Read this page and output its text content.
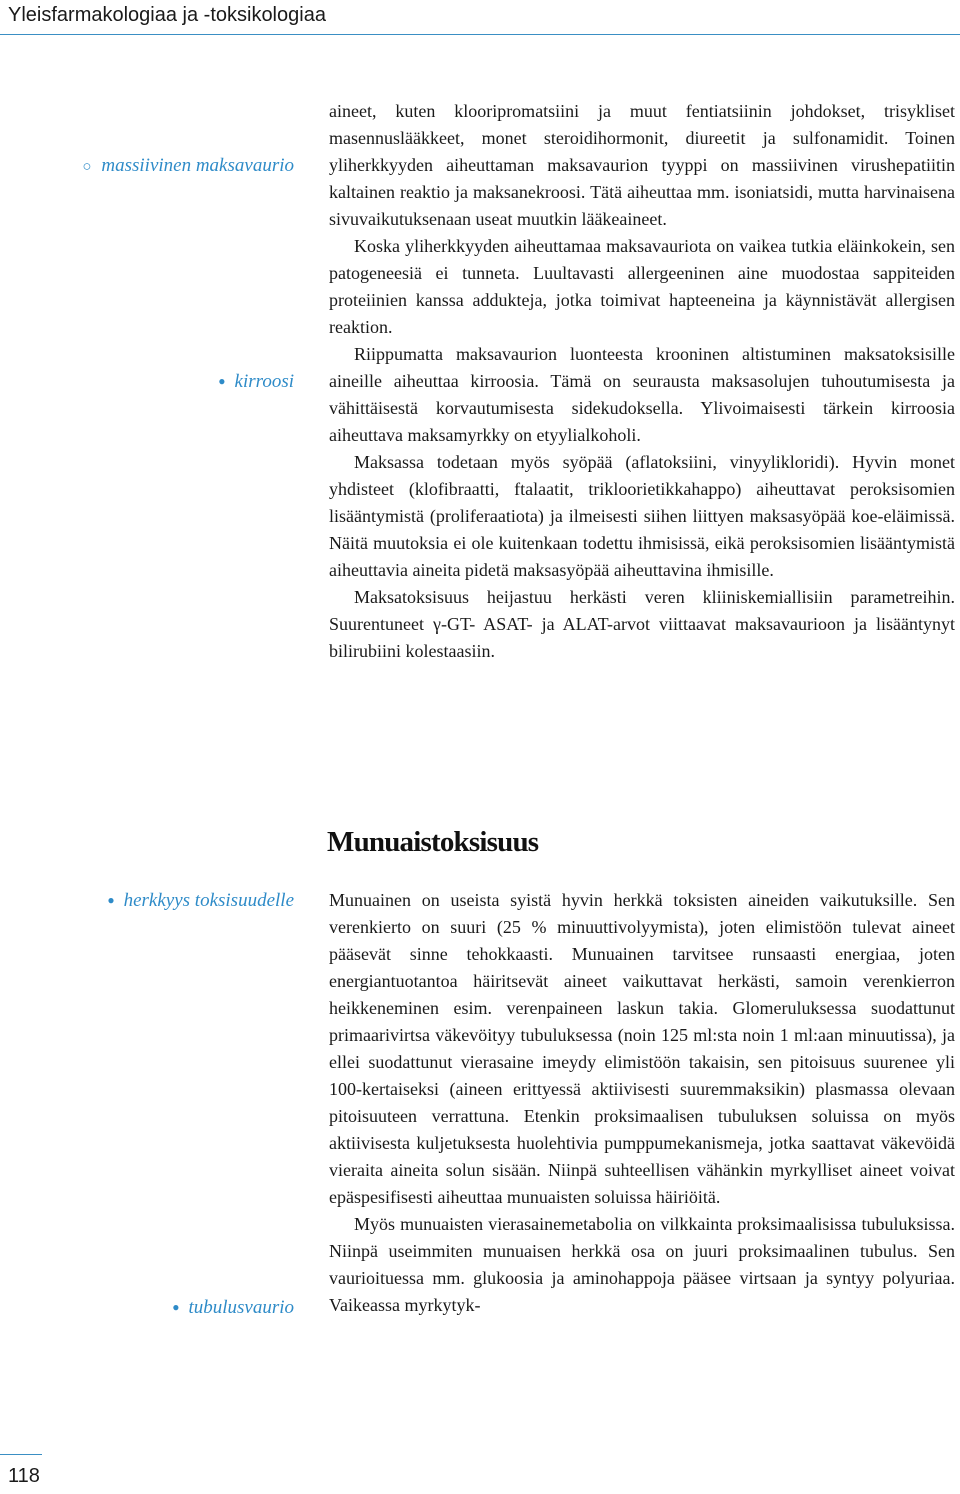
Yleisfarmakologiaa ja -toksikologiaa
○ massiivinen maksavaurio
● kirroosi
● herkkyys toksisuudelle
● tubulusvaurio

aineet, kuten klooripromatsiini ja muut fentiatsiinin johdokset, trisykliset masennuslääkkeet, monet steroidihormonit, diureetit ja sulfonamidit. Toinen yliherkkyyden aiheuttaman maksavaurion tyyppi on massiivinen virushepatiitin kaltainen reaktio ja maksanekroosi. Tätä aiheuttaa mm. isoniatsidi, mutta harvinaisena sivuvaikutuksenaan useat muutkin lääkeaineet.

Koska yliherkkyyden aiheuttamaa maksavauriota on vaikea tutkia eläinkokein, sen patogeneesiä ei tunneta. Luultavasti allergeeninen aine muodostaa sappiteiden proteiinien kanssa addukteja, jotka toimivat hapteeneina ja käynnistävät allergisen reaktion.

Riippumatta maksavaurion luonteesta krooninen altistuminen maksatoksisille aineille aiheuttaa kirroosia. Tämä on seurausta maksasolujen tuhoutumisesta ja vähittäisestä korvautumisesta sidekudoksella. Ylivoimaisesti tärkein kirroosia aiheuttava maksamyrkky on etyylialkoholi.

Maksassa todetaan myös syöpää (aflatoksiini, vinyylikloridi). Hyvin monet yhdisteet (klofibraatti, ftalaatit, trikloorietikkahappo) aiheuttavat peroksisomien lisääntymistä (proliferaatiota) ja ilmeisesti siihen liittyen maksasyöpää koe-eläimissä. Näitä muutoksia ei ole kuitenkaan todettu ihmisissä, eikä peroksisomien lisääntymistä aiheuttavia aineita pidetä maksasyöpää aiheuttavina ihmisille.

Maksatoksisuus heijastuu herkästi veren kliiniskemiallisiin parametreihin. Suurentuneet γ-GT- ASAT- ja ALAT-arvot viittaavat maksavaurioon ja lisääntynyt bilirubiini kolestaasiin.

Munuaistoksisuus

Munuainen on useista syistä hyvin herkkä toksisten aineiden vaikutuksille. Sen verenkierto on suuri (25 % minuuttivolyymista), joten elimistöön tulevat aineet pääsevät sinne tehokkaasti. Munuainen tarvitsee runsaasti energiaa, joten energiantuotantoa häiritsevät aineet vaikuttavat herkästi, samoin verenkierron heikkeneminen esim. verenpaineen laskun takia. Glomeruluksessa suodattunut primaarivirtsa väkevöityy tubuluksessa (noin 125 ml:sta noin 1 ml:aan minuutissa), ja ellei suodattunut vierasaine imeydy elimistöön takaisin, sen pitoisuus suurenee yli 100-kertaiseksi (aineen erittyessä aktiivisesti suuremmaksikin) plasmassa olevaan pitoisuuteen verrattuna. Etenkin proksimaalisen tubuluksen soluissa on myös aktiivisesta kuljetuksesta huolehtivia pumppumekanismeja, jotka saattavat väkevöidä vieraita aineita solun sisään. Niinpä suhteellisen vähänkin myrkylliset aineet voivat epäspesifisesti aiheuttaa munuaisten soluissa häiriöitä.

Myös munuaisten vierasainemetabolia on vilkkainta proksimaalisissa tubuluksissa. Niinpä useimmiten munuaisen herkkä osa on juuri proksimaalinen tubulus. Sen vaurioituessa mm. glukoosia ja aminohappoja pääsee virtsaan ja syntyy polyuriaa. Vaikeassa myrkytyk-

118
